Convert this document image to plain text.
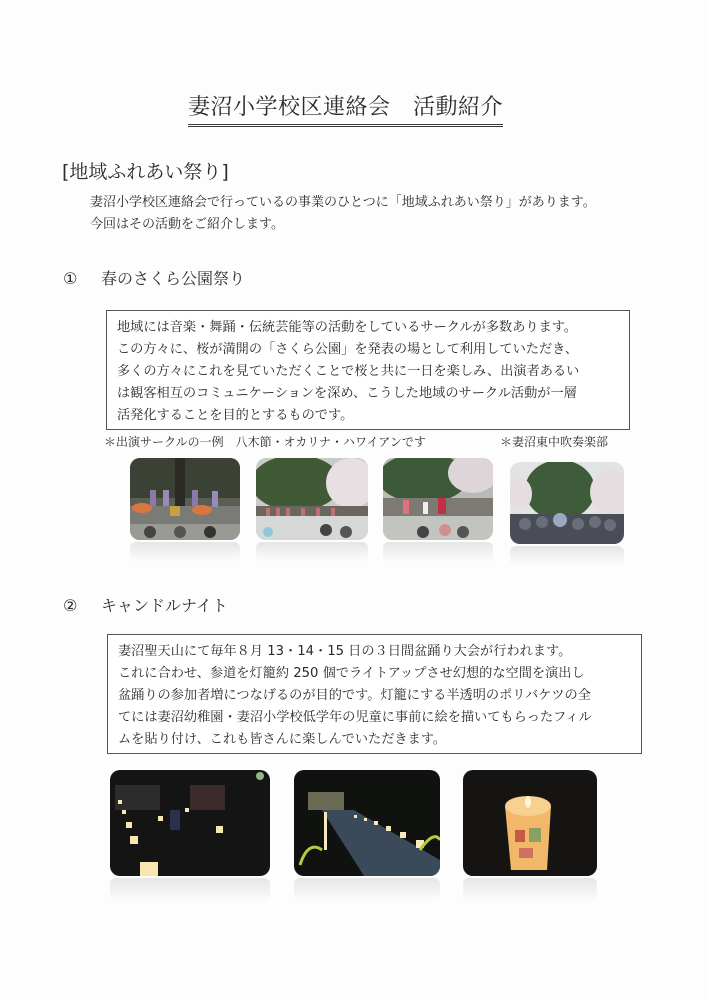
妻沼小学校区連絡会　活動紹介
[地域ふれあい祭り]
妻沼小学校区連絡会で行っているの事業のひとつに「地域ふれあい祭り」があります。
今回はその活動をご紹介します。
① 春のさくら公園祭り

地域には音楽・舞踊・伝統芸能等の活動をしているサークルが多数あります。

この方々に、桜が満開の「さくら公園」を発表の場として利用していただき、

多くの方々にこれを見ていただくことで桜と共に一日を楽しみ、出演者あるい

は観客相互のコミュニケーションを深め、こうした地域のサークル活動が一層

活発化することを目的とするものです。

＊出演サークルの一例　八木節・オカリナ・ハワイアンです	＊妻沼東中吹奏楽部
② キャンドルナイト

妻沼聖天山にて毎年８月 13・14・15 日の３日間盆踊り大会が行われます。

これに合わせ、参道を灯籠約 250 個でライトアップさせ幻想的な空間を演出し

盆踊りの参加者増につなげるのが目的です。灯籠にする半透明のポリバケツの全

てには妻沼幼稚園・妻沼小学校低学年の児童に事前に絵を描いてもらったフィル

ムを貼り付け、これも皆さんに楽しんでいただきます。
